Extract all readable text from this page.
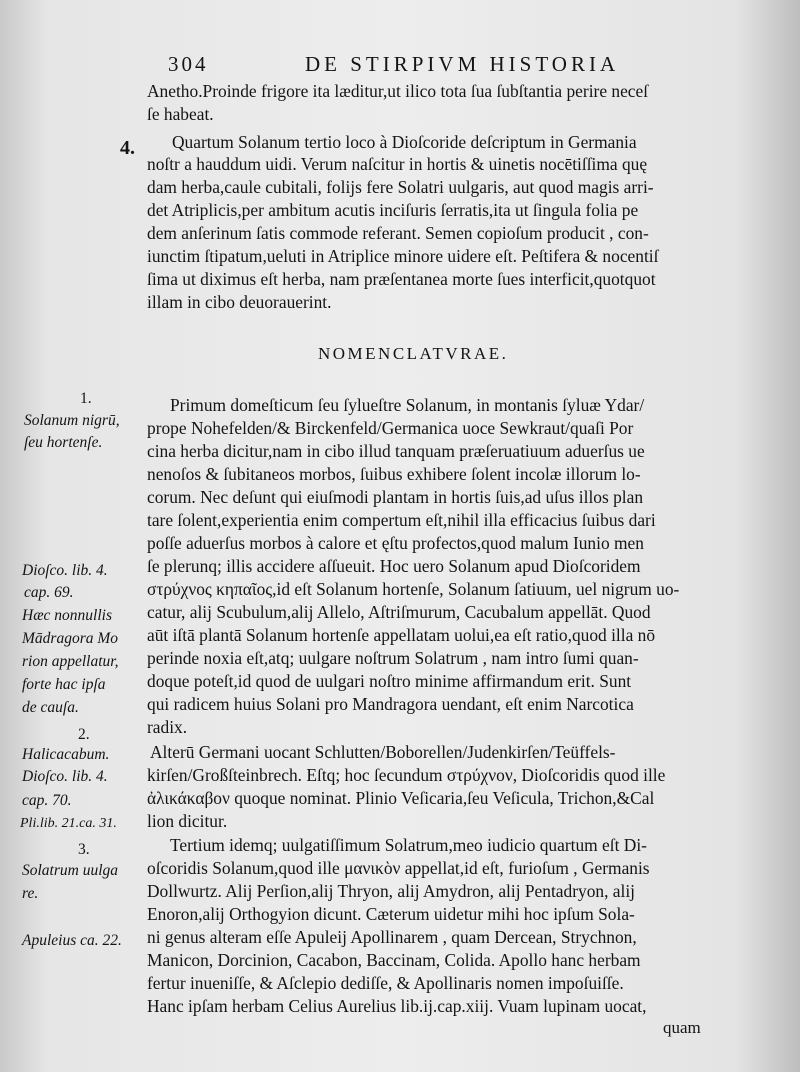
304	DE STIRPIVM HISTORIA
4.
Anetho.Proinde frigore ita læditur,ut ilico tota ſua ſubſtantia perire neceſ
ſe habeat.
Quartum Solanum tertio loco à Dioſcoride deſcriptum in Germania
noſtr a hauddum uidi. Verum naſcitur in hortis & uinetis nocētiſſima quę
dam herba,caule cubitali, folijs fere Solatri uulgaris, aut quod magis arri-
det Atriplicis,per ambitum acutis inciſuris ſerratis,ita ut ſingula folia pe
dem anſerinum ſatis commode referant. Semen copioſum producit , con-
iunctim ſtipatum,ueluti in Atriplice minore uidere eſt. Peſtifera & nocentiſ
ſima ut diximus eſt herba, nam præſentanea morte ſues interficit,quotquot
illam in cibo deuorauerint.
NOMENCLATVRAE.
Primum domeſticum ſeu ſylueſtre Solanum, in montanis ſyluæ Ydar/
prope Nohefelden/& Birckenfeld/Germanica uoce Sewkraut/quaſi Por
cina herba dicitur,nam in cibo illud tanquam præſeruatiuum aduerſus ue
nenoſos & ſubitaneos morbos, ſuibus exhibere ſolent incolæ illorum lo-
corum. Nec deſunt qui eiuſmodi plantam in hortis ſuis,ad uſus illos plan
tare ſolent,experientia enim compertum eſt,nihil illa efficacius ſuibus dari
poſſe aduerſus morbos à calore et ęſtu profectos,quod malum Iunio men
ſe plerunq; illis accidere aſſueuit. Hoc uero Solanum apud Dioſcoridem
στρύχνος κηπαῖος,id eſt Solanum hortenſe, Solanum ſatiuum, uel nigrum uo-
catur, alij Scubulum,alij Allelo, Aſtriſmurum, Cacubalum appellāt. Quod
aūt iſtā plantā Solanum hortenſe appellatam uolui,ea eſt ratio,quod illa nō
perinde noxia eſt,atq; uulgare noſtrum Solatrum , nam intro ſumi quan-
doque poteſt,id quod de uulgari noſtro minime affirmandum erit. Sunt
qui radicem huius Solani pro Mandragora uendant, eſt enim Narcotica
radix.
Alterū Germani uocant Schlutten/Boborellen/Judenkirſen/Teüffels-
kirſen/Großſteinbrech. Eſtq; hoc ſecundum στρύχνον, Dioſcoridis quod ille
ἀλικάκαβον quoque nominat. Plinio Veſicaria,ſeu Veſicula, Trichon,&Cal
lion dicitur.
Tertium idemq; uulgatiſſimum Solatrum,meo iudicio quartum eſt Di-
oſcoridis Solanum,quod ille μανικὸν appellat,id eſt, furioſum , Germanis
Dollwurtz. Alij Perſion,alij Thryon, alij Amydron, alij Pentadryon, alij
Enoron,alij Orthogyion dicunt. Cæterum uidetur mihi hoc ipſum Sola-
ni genus alteram eſſe Apuleij Apollinarem , quam Dercean, Strychnon,
Manicon, Dorcinion, Cacabon, Baccinam, Colida. Apollo hanc herbam
fertur inueniſſe, & Aſclepio dediſſe, & Apollinaris nomen impoſuiſſe.
Hanc ipſam herbam Celius Aurelius lib.ij.cap.xiij. Vuam lupinam uocat,
quam
1.
Solanum nigrū,
ſeu hortenſe.
Dioſco. lib. 4.
cap. 69.
Hæc nonnullis
Mādragora Mo
rion appellatur,
forte hac ipſa
de cauſa.
2.
Halicacabum.
Dioſco. lib. 4.
cap. 70.
Pli.lib. 21.ca. 31.
3.
Solatrum uulga
re.
Apuleius ca. 22.
